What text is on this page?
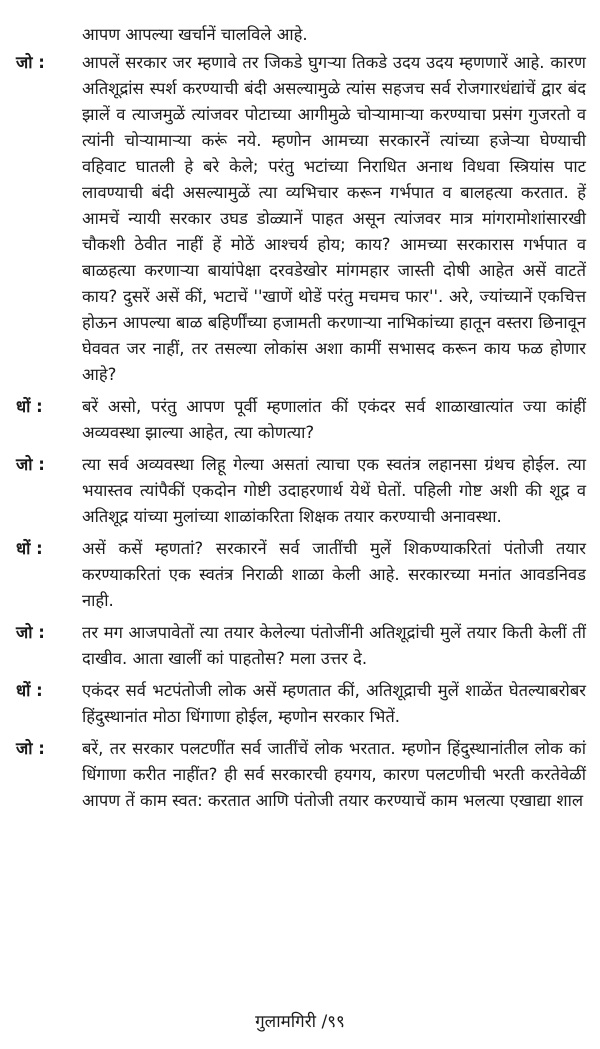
आपण आपल्या खर्चानें चालविले आहे.
जो :	आपलें सरकार जर म्हणावे तर जिकडे घुगऱ्या तिकडे उदय उदय म्हणणारें आहे. कारण अतिशूद्रांस स्पर्श करण्याची बंदी असल्यामुळे त्यांस सहजच सर्व रोजगारधंद्यांचें द्वार बंद झालें व त्याजमुळें त्यांजवर पोटाच्या आगीमुळे चोऱ्यामाऱ्या करण्याचा प्रसंग गुजरतो व त्यांनी चोऱ्यामाऱ्या करूं नये. म्हणोन आमच्या सरकारनें त्यांच्या हजेऱ्या घेण्याची वहिवाट घातली हे बरे केले; परंतु भटांच्या निराधित अनाथ विधवा स्त्रियांस पाट लावण्याची बंदी असल्यामुळें त्या व्यभिचार करून गर्भपात व बालहत्या करतात. हें आमचें न्यायी सरकार उघड डोळ्यानें पाहत असून त्यांजवर मात्र मांगरामोशांसारखी चौकशी ठेवीत नाहीं हें मोठें आश्चर्य होय; काय? आमच्या सरकारास गर्भपात व बाळहत्या करणाऱ्या बायांपेक्षा दरवडेखोर मांगमहार जास्ती दोषी आहेत असें वाटतें काय? दुसरें असें कीं, भटाचें ''खाणें थोडें परंतु मचमच फार''. अरे, ज्यांच्यानें एकचित्त होऊन आपल्या बाळ बहिर्णींच्या हजामती करणाऱ्या नाभिकांच्या हातून वस्तरा छिनावून घेववत जर नाहीं, तर तसल्या लोकांस अशा कामीं सभासद करून काय फळ होणार आहे?
धों :	बरें असो, परंतु आपण पूर्वी म्हणालांत कीं एकंदर सर्व शाळाखात्यांत ज्या कांहीं अव्यवस्था झाल्या आहेत, त्या कोणत्या?
जो :	त्या सर्व अव्यवस्था लिहू गेल्या असतां त्याचा एक स्वतंत्र लहानसा ग्रंथच होईल. त्या भयास्तव त्यांपैकीं एकदोन गोष्टी उदाहरणार्थ येथें घेतों. पहिली गोष्ट अशी की शूद्र व अतिशूद्र यांच्या मुलांच्या शाळांकरिता शिक्षक तयार करण्याची अनावस्था.
धों :	असें कसें म्हणतां? सरकारनें सर्व जातींची मुलें शिकण्याकरितां पंतोजी तयार करण्याकरितां एक स्वतंत्र निराळी शाळा केली आहे. सरकारच्या मनांत आवडनिवड नाही.
जो :	तर मग आजपावेतों त्या तयार केलेल्या पंतोजींनी अतिशूद्रांची मुलें तयार किती केलीं तीं दाखीव. आता खालीं कां पाहतोस? मला उत्तर दे.
धों :	एकंदर सर्व भटपंतोजी लोक असें म्हणतात कीं, अतिशूद्राची मुलें शाळेंत घेतल्याबरोबर हिंदुस्थानांत मोठा धिंगाणा होईल, म्हणोन सरकार भितें.
जो :	बरें, तर सरकार पलटणींत सर्व जातींचें लोक भरतात. म्हणोन हिंदुस्थानांतील लोक कां धिंगाणा करीत नाहींत? ही सर्व सरकारची हयगय, कारण पलटणीची भरती करतेवेळीं आपण तें काम स्वत: करतात आणि पंतोजी तयार करण्याचें काम भलत्या एखाद्या शाल
गुलामगिरी /९९
